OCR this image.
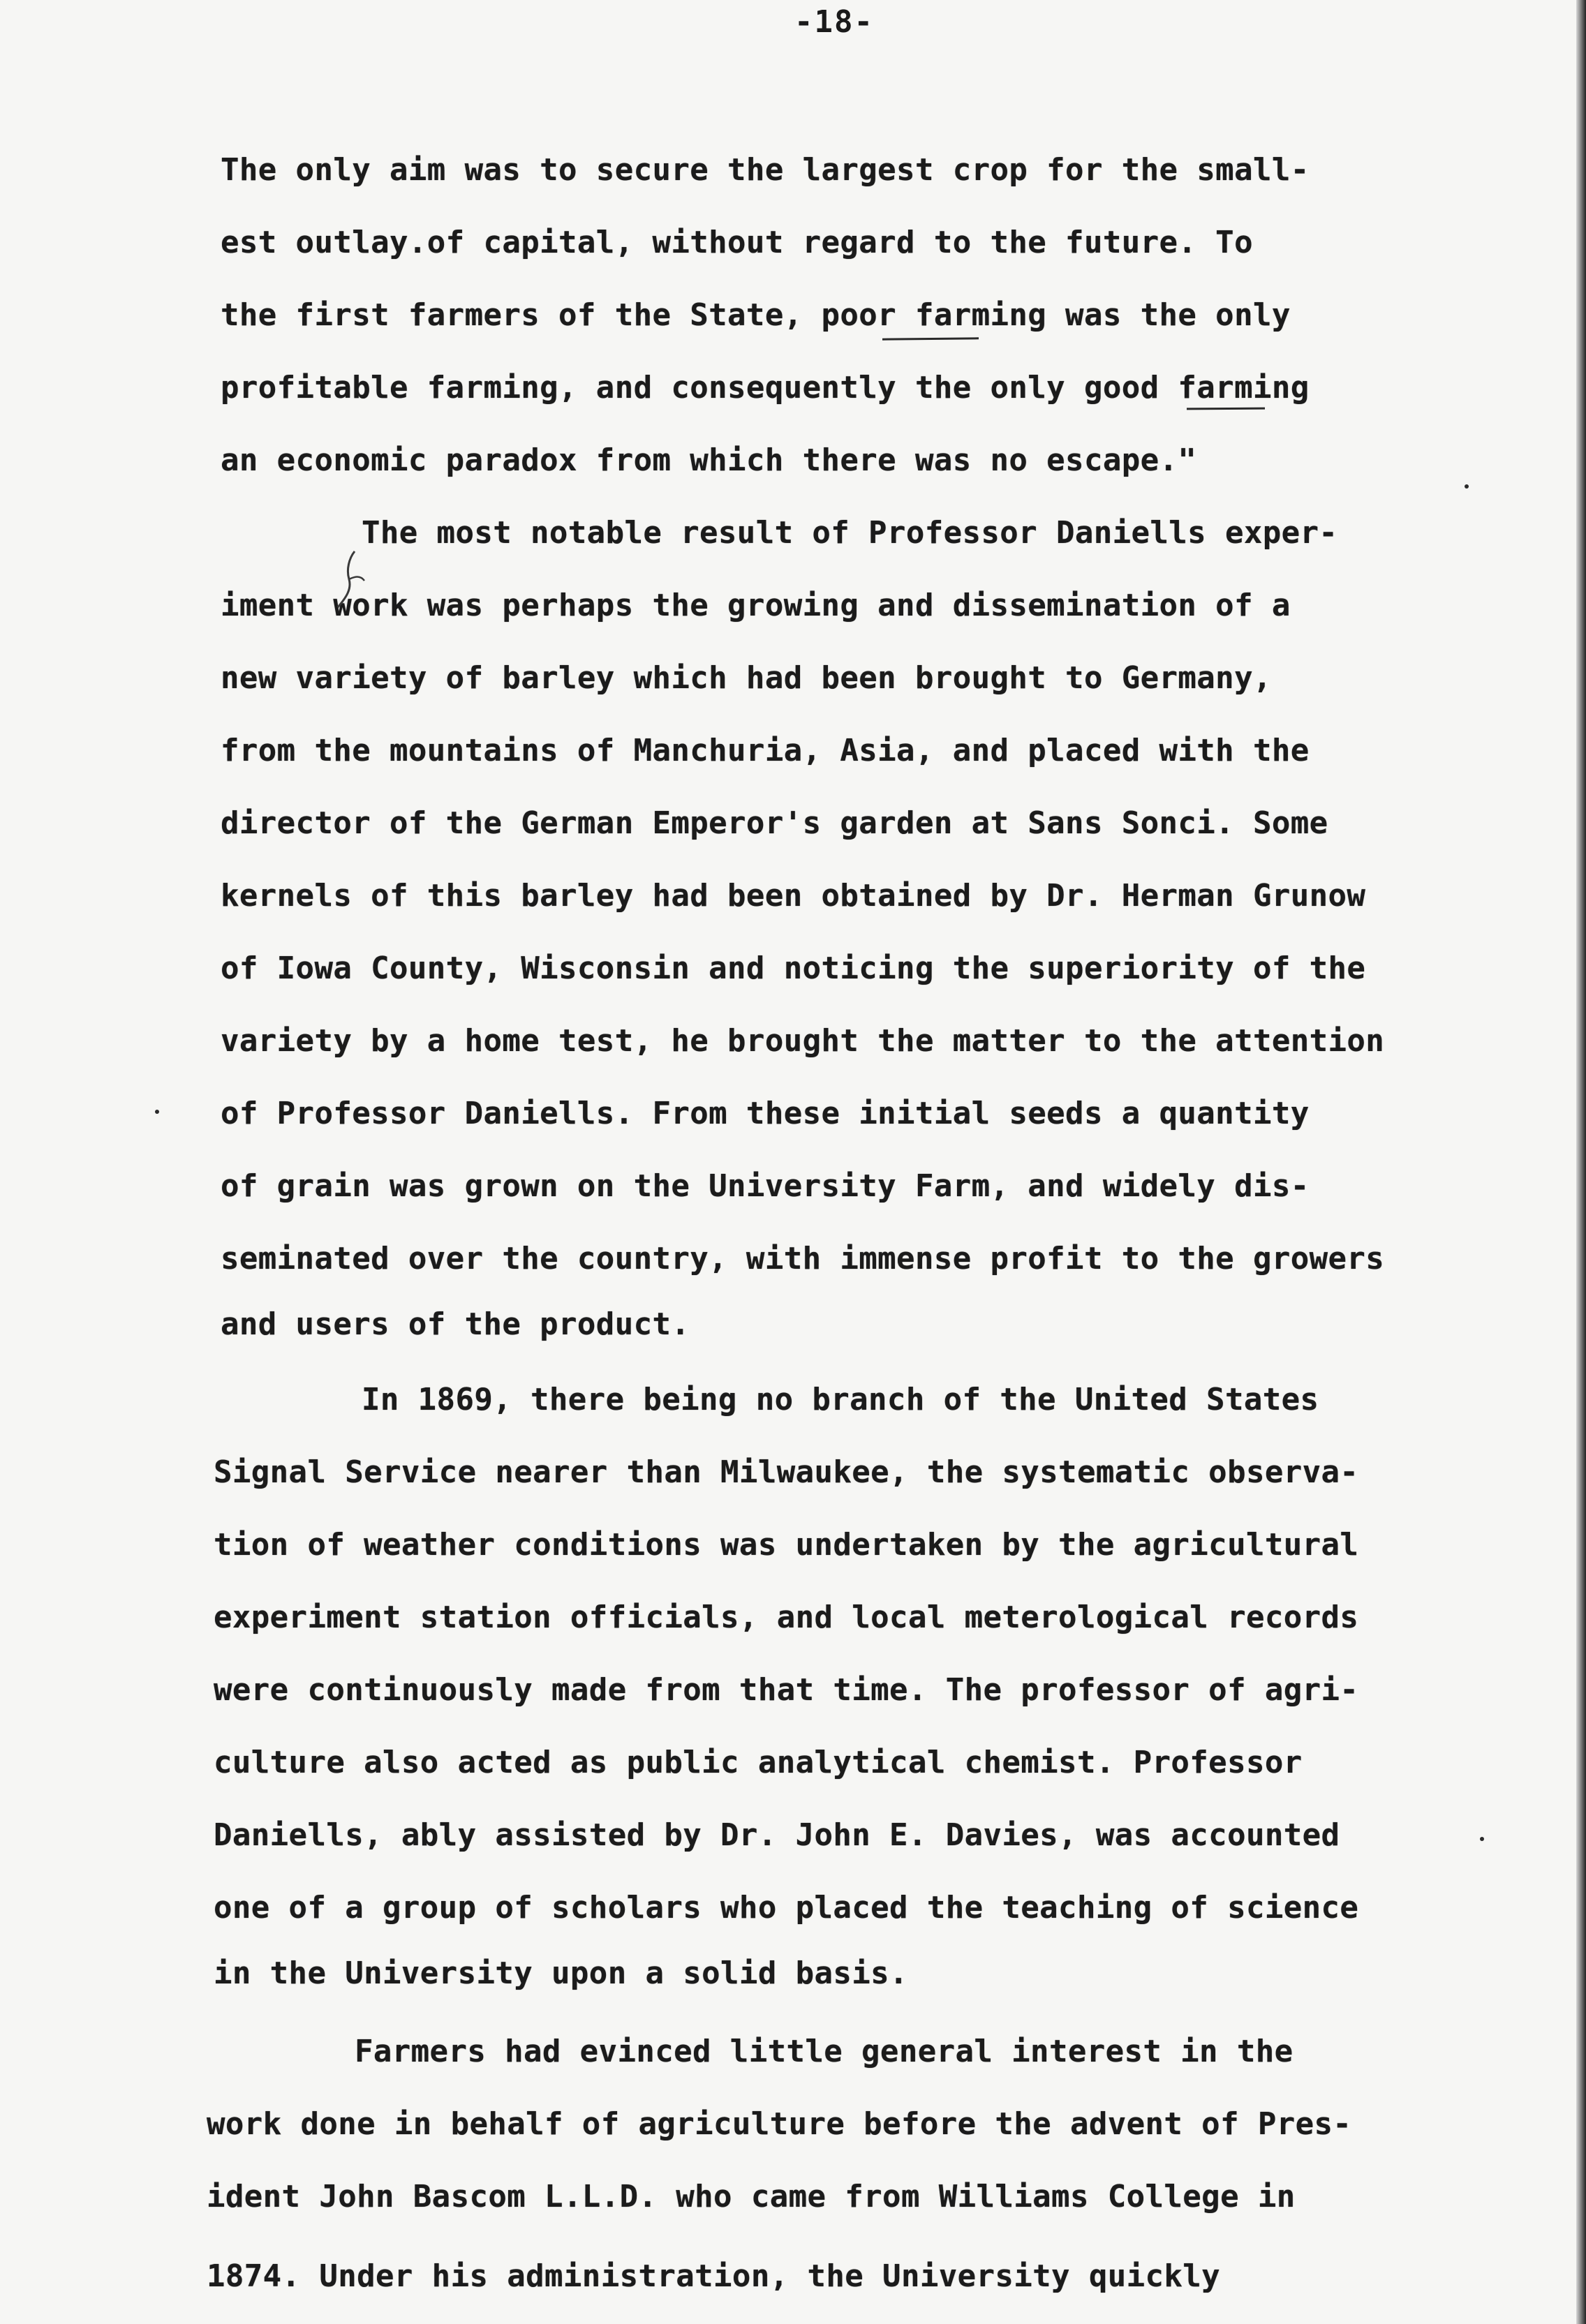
-18-
The only aim was to secure the largest crop for the small-
est outlay.of capital, without regard to the future. To
the first farmers of the State, poor farming was the only
profitable farming, and consequently the only good farming
an economic paradox from which there was no escape."
The most notable result of Professor Daniells exper-
iment work was perhaps the growing and dissemination of a
new variety of barley which had been brought to Germany,
from the mountains of Manchuria, Asia, and placed with the
director of the German Emperor's garden at Sans Sonci. Some
kernels of this barley had been obtained by Dr. Herman Grunow
of Iowa County, Wisconsin and noticing the superiority of the
variety by a home test, he brought the matter to the attention
of Professor Daniells. From these initial seeds a quantity
of grain was grown on the University Farm, and widely dis-
seminated over the country, with immense profit to the growers
and users of the product.
In 1869, there being no branch of the United States
Signal Service nearer than Milwaukee, the systematic observa-
tion of weather conditions was undertaken by the agricultural
experiment station officials, and local meterological records
were continuously made from that time. The professor of agri-
culture also acted as public analytical chemist. Professor
Daniells, ably assisted by Dr. John E. Davies, was accounted
one of a group of scholars who placed the teaching of science
in the University upon a solid basis.
Farmers had evinced little general interest in the
work done in behalf of agriculture before the advent of Pres-
ident John Bascom L.L.D. who came from Williams College in
1874. Under his administration, the University quickly
